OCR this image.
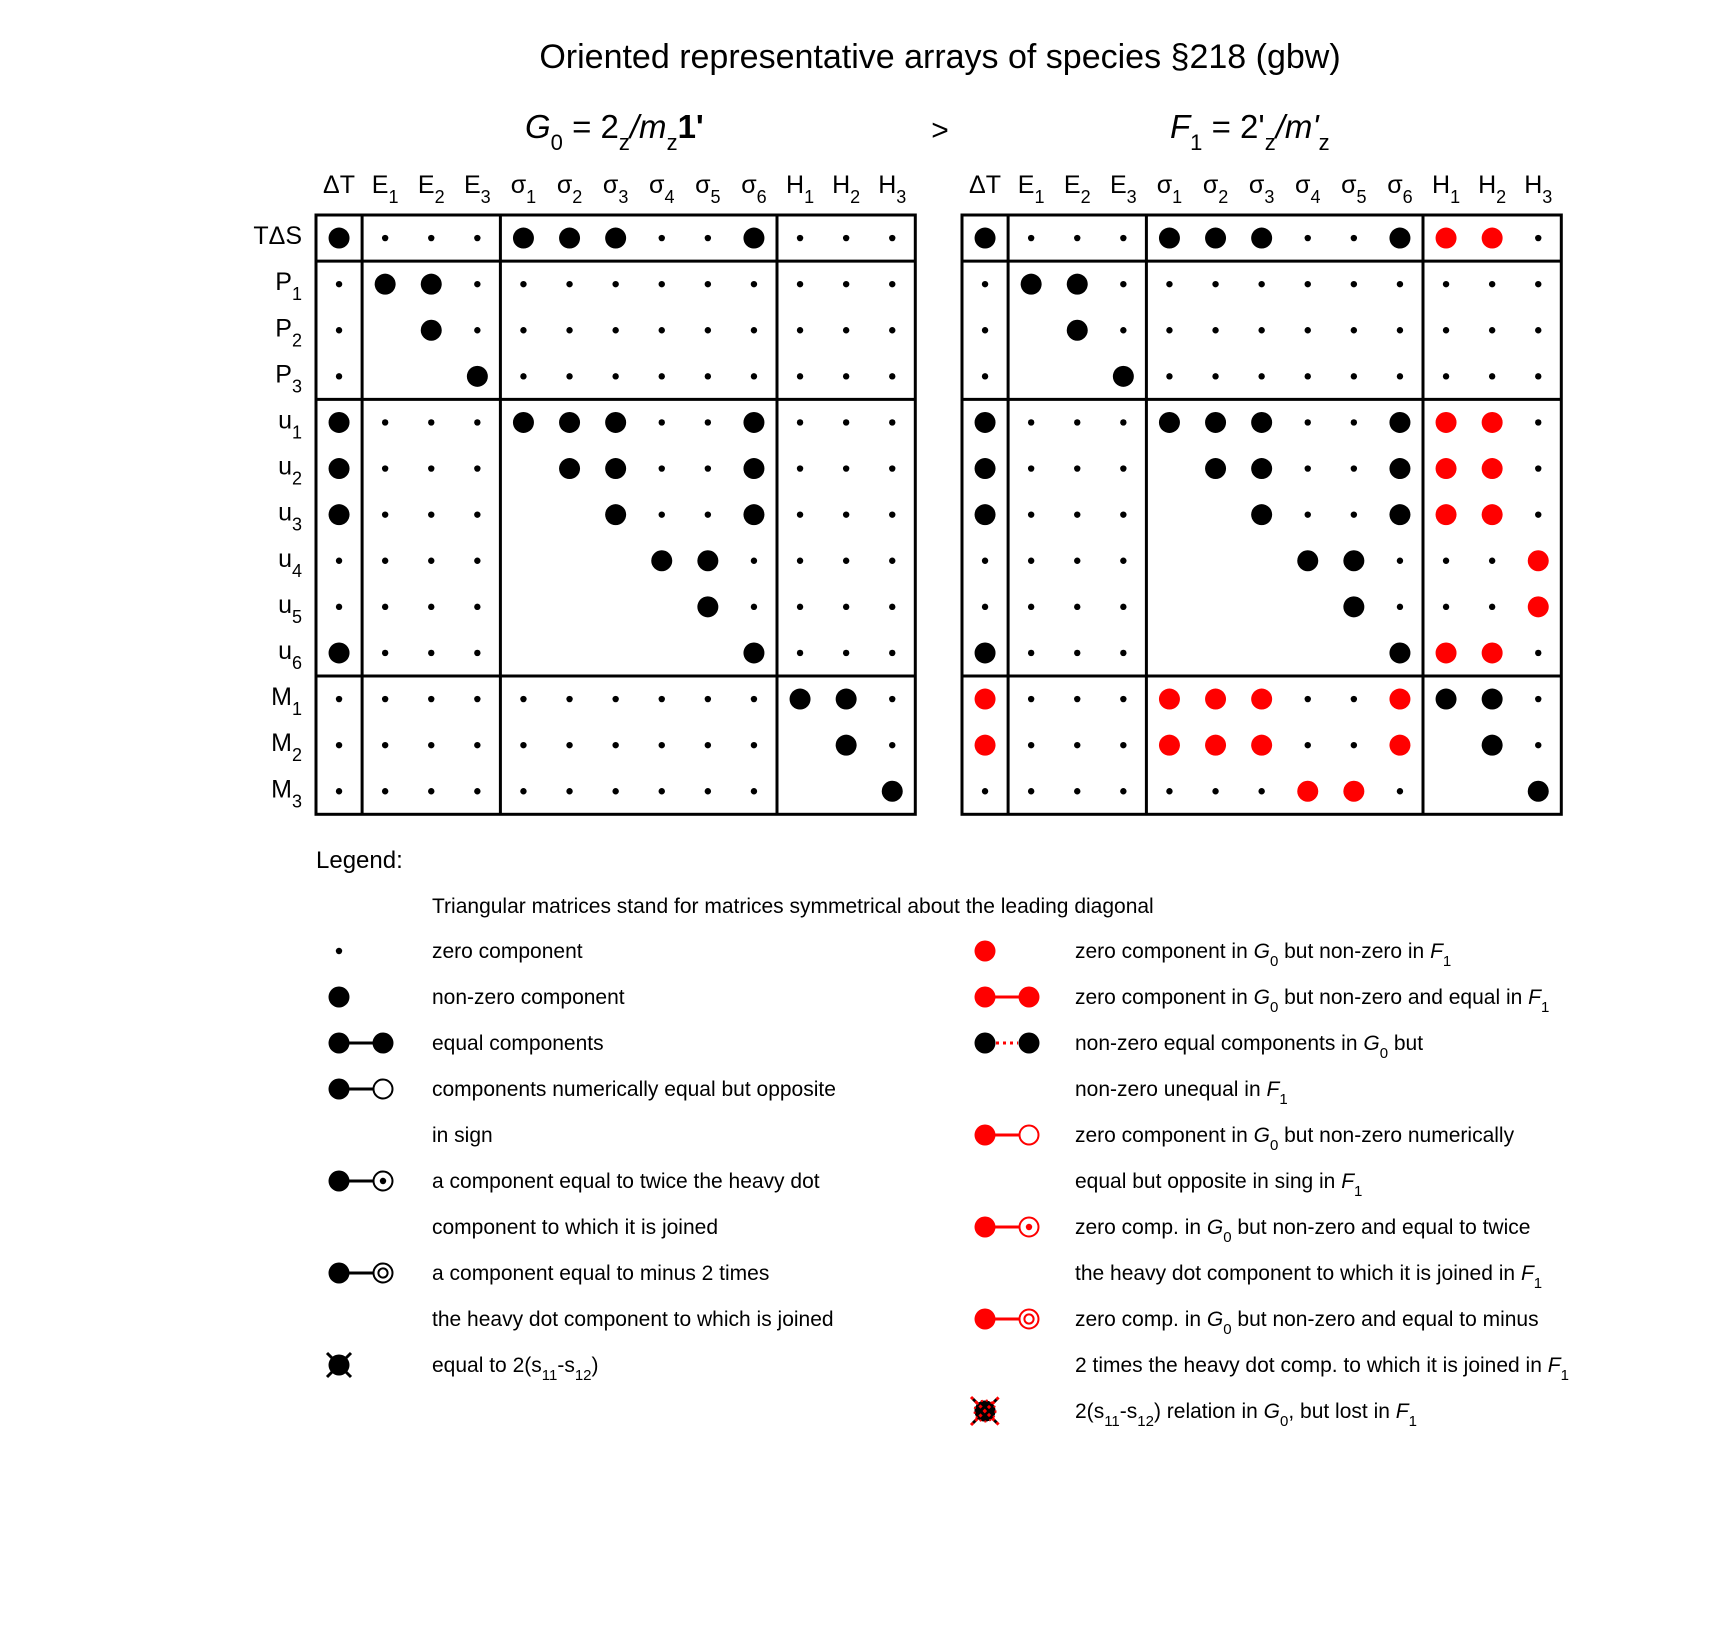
Oriented representative arrays of species §218 (gbw)
$G_0 = 2_z/m_z1'$	>	$F_1 = 2'_z/m'_z$
ΔT $E_1$ $E_2$ $E_3$ $\sigma_1$ $\sigma_2$ $\sigma_3$ $\sigma_4$ $\sigma_5$ $\sigma_6$ $H_1$ $H_2$ $H_3$
TΔS
$P_1$
$P_2$
$P_3$
$u_1$
$u_2$
$u_3$
$u_4$
$u_5$
$u_6$
$M_1$
$M_2$
$M_3$
ΔT $E_1$ $E_2$ $E_3$ $\sigma_1$ $\sigma_2$ $\sigma_3$ $\sigma_4$ $\sigma_5$ $\sigma_6$ $H_1$ $H_2$ $H_3$
Legend:
Triangular matrices stand for matrices symmetrical about the leading diagonal
zero component
non-zero component
equal components
components numerically equal but opposite
in sign
a component equal to twice the heavy dot
component to which it is joined
a component equal to minus 2 times
the heavy dot component to which is joined
equal to $2(s_{11}-s_{12})$
zero component in $G_0$ but non-zero in $F_1$
zero component in $G_0$ but non-zero and equal in $F_1$
non-zero equal components in $G_0$ but
non-zero unequal in $F_1$
zero component in $G_0$ but non-zero numerically
equal but opposite in sing in $F_1$
zero comp. in $G_0$ but non-zero and equal to twice
the heavy dot component to which it is joined in $F_1$
zero comp. in $G_0$ but non-zero and equal to minus
2 times the heavy dot comp. to which it is joined in $F_1$
$2(s_{11}-s_{12})$ relation in $G_0$, but lost in $F_1$
